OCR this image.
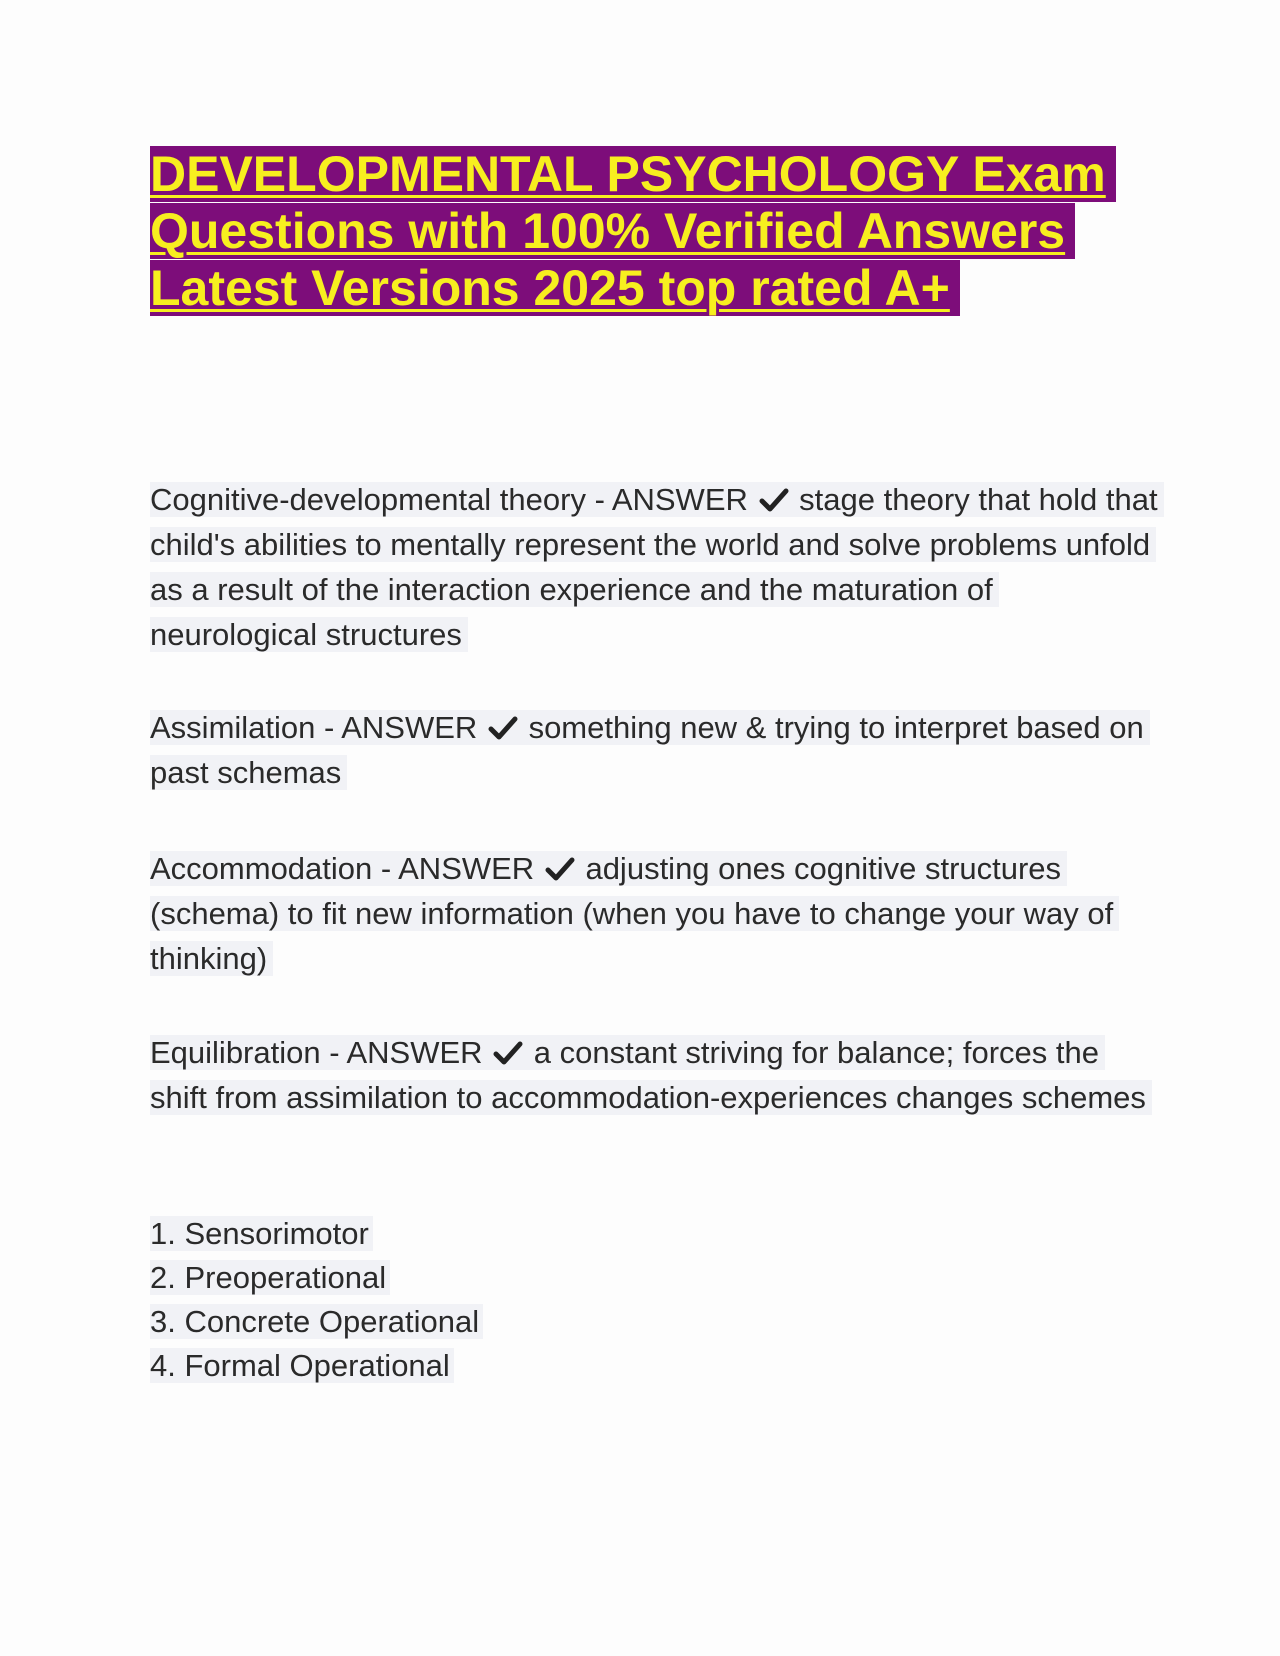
DEVELOPMENTAL PSYCHOLOGY Exam
Questions with 100% Verified Answers
Latest Versions 2025 top rated A+

Cognitive-developmental theory - ANSWER stage theory that hold that child's abilities to mentally represent the world and solve problems unfold as a result of the interaction experience and the maturation of neurological structures

Assimilation - ANSWER something new & trying to interpret based on past schemas

Accommodation - ANSWER adjusting ones cognitive structures (schema) to fit new information (when you have to change your way of thinking)

Equilibration - ANSWER a constant striving for balance; forces the shift from assimilation to accommodation-experiences changes schemes

1. Sensorimotor
2. Preoperational
3. Concrete Operational
4. Formal Operational
